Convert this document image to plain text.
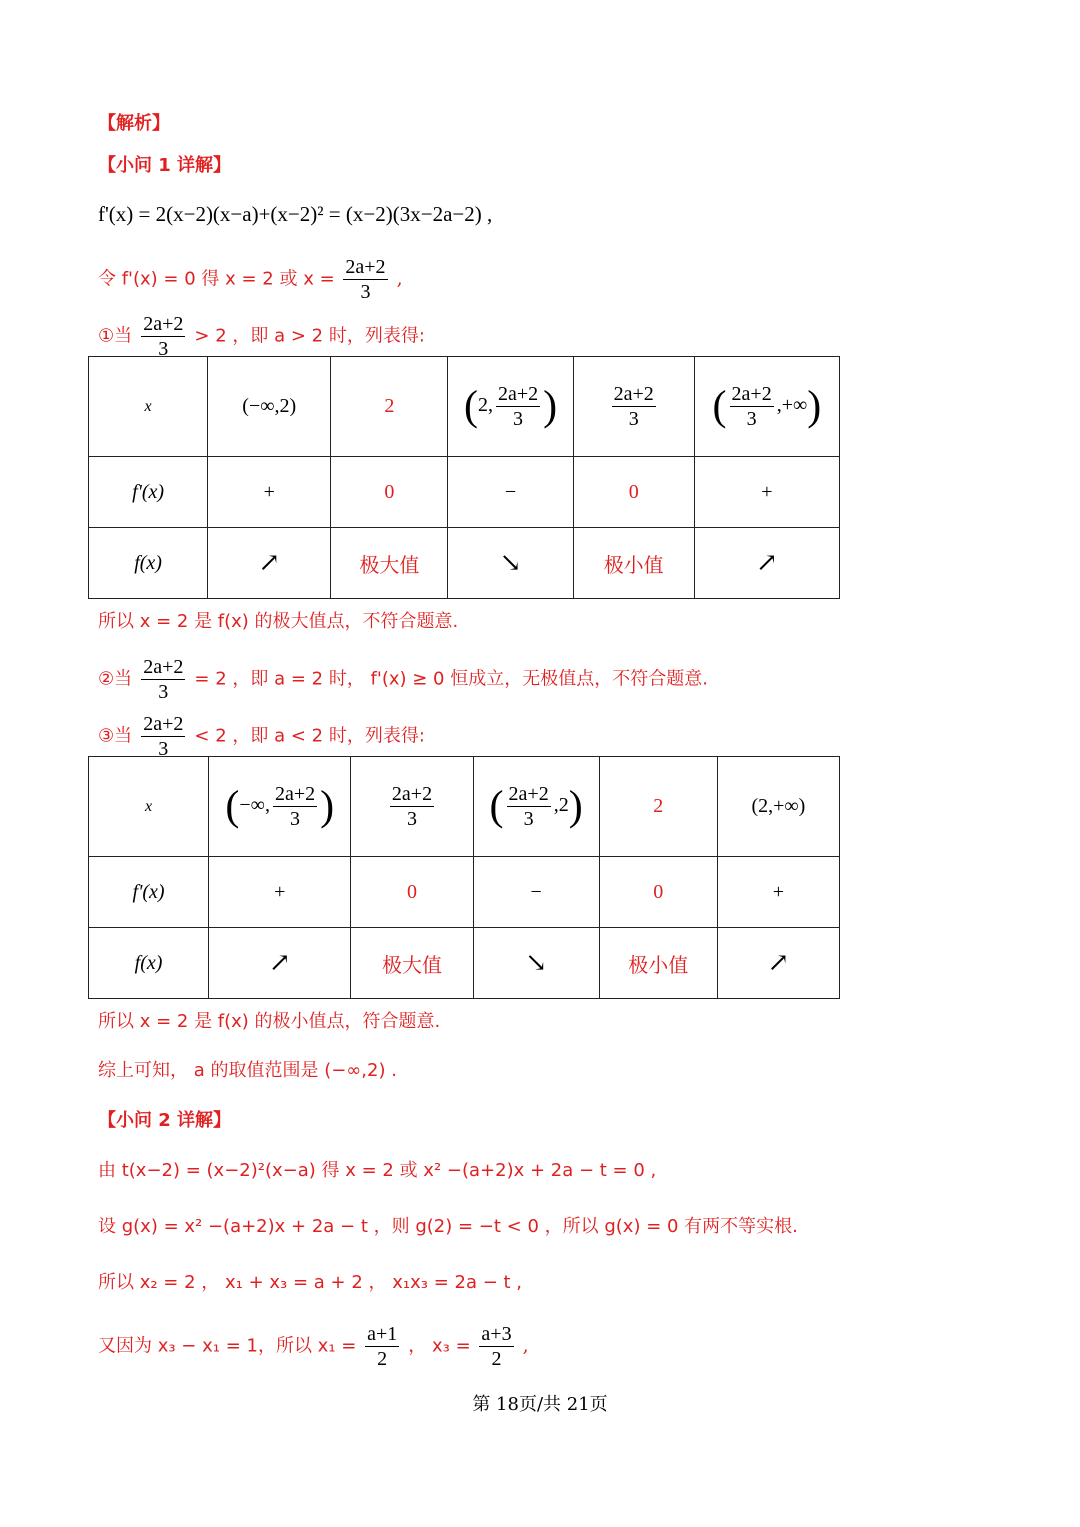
【解析】
【小问 1 详解】
f'(x) = 2(x−2)(x−a)+(x−2)² = (x−2)(3x−2a−2) ,
令 f'(x) = 0 得 x = 2 或 $x = \frac{2a+2}{3}$ ,
①当 $\frac{2a+2}{3} > 2$ ，即 a > 2 时，列表得:
x	(−∞,2)	2	(2, $\frac{2a+2}{3}$ )	$\frac{2a+2}{3}$	( $\frac{2a+2}{3}$ ,+∞)
f'(x)	+	0	−	0	+
f(x)	↗	极大值	↘	极小值	↗
所以 x = 2 是 f(x) 的极大值点，不符合题意.
②当 $\frac{2a+2}{3} = 2$ ，即 a = 2 时， f'(x) ≥ 0 恒成立，无极值点，不符合题意.
③当 $\frac{2a+2}{3} < 2$ ，即 a < 2 时，列表得:
x	(−∞, $\frac{2a+2}{3}$ )	$\frac{2a+2}{3}$	( $\frac{2a+2}{3} ,2$)	2	(2,+∞)
f'(x)	+	0	−	0	+
f(x)	↗	极大值	↘	极小值	↗
所以 x = 2 是 f(x) 的极小值点，符合题意.
综上可知， a 的取值范围是 (−∞,2) .
【小问 2 详解】
由 t(x−2) = (x−2)²(x−a) 得 x = 2 或 x² −(a+2)x + 2a − t = 0 ,
设 g(x) = x² −(a+2)x + 2a − t ，则 g(2) = −t < 0 ，所以 g(x) = 0 有两不等实根.
所以 x₂ = 2 ， x₁ + x₃ = a + 2 ， x₁x₃ = 2a − t ,
又因为 x₃ − x₁ = 1，所以 $x_1 = \frac{a+1}{2}$ ， $x_3 = \frac{a+3}{2}$ ,
第 18页/共 21页
